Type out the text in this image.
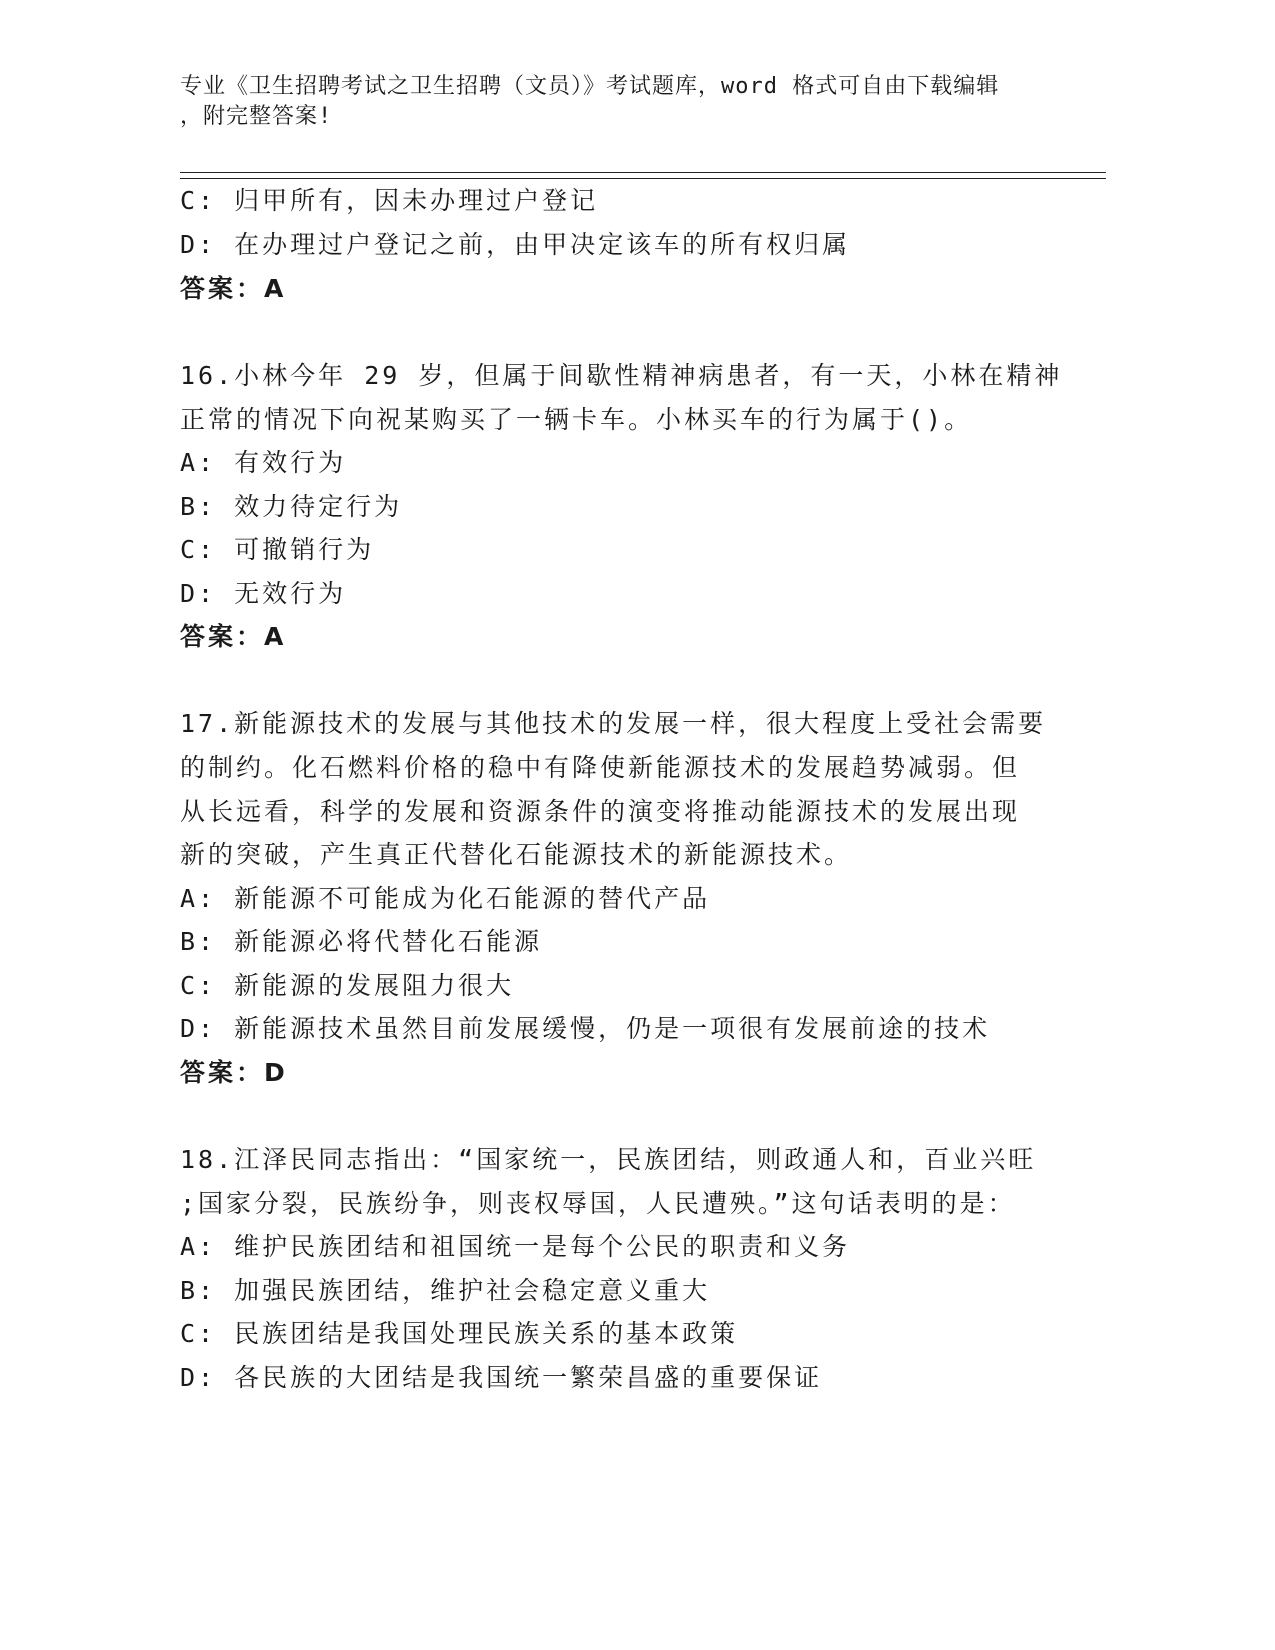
专业《卫生招聘考试之卫生招聘（文员）》考试题库，word 格式可自由下载编辑
，附完整答案!
C: 归甲所有，因未办理过户登记
D: 在办理过户登记之前，由甲决定该车的所有权归属
答案：A
16.小林今年 29 岁，但属于间歇性精神病患者，有一天，小林在精神
正常的情况下向祝某购买了一辆卡车。小林买车的行为属于()。
A: 有效行为
B: 效力待定行为
C: 可撤销行为
D: 无效行为
答案：A
17.新能源技术的发展与其他技术的发展一样，很大程度上受社会需要
的制约。化石燃料价格的稳中有降使新能源技术的发展趋势减弱。但
从长远看，科学的发展和资源条件的演变将推动能源技术的发展出现
新的突破，产生真正代替化石能源技术的新能源技术。
A: 新能源不可能成为化石能源的替代产品
B: 新能源必将代替化石能源
C: 新能源的发展阻力很大
D: 新能源技术虽然目前发展缓慢，仍是一项很有发展前途的技术
答案：D
18.江泽民同志指出：“国家统一，民族团结，则政通人和，百业兴旺
;国家分裂，民族纷争，则丧权辱国，人民遭殃。”这句话表明的是：
A: 维护民族团结和祖国统一是每个公民的职责和义务
B: 加强民族团结，维护社会稳定意义重大
C: 民族团结是我国处理民族关系的基本政策
D: 各民族的大团结是我国统一繁荣昌盛的重要保证
